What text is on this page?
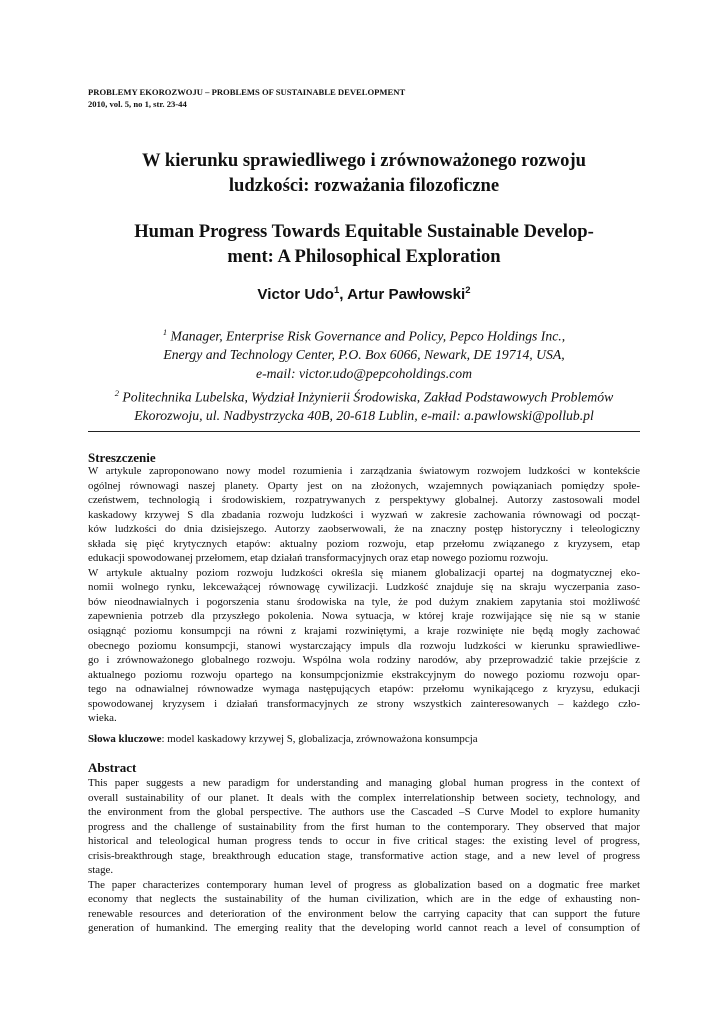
PROBLEMY EKOROZWOJU – PROBLEMS OF SUSTAINABLE DEVELOPMENT
2010, vol. 5, no 1, str. 23-44
W kierunku sprawiedliwego i zrównoważonego rozwoju
ludzkości: rozważania filozoficzne
Human Progress Towards Equitable Sustainable Develop-
ment: A Philosophical Exploration
Victor Udo$^1$, Artur Pawłowski$^2$
$^1$ Manager, Enterprise Risk Governance and Policy, Pepco Holdings Inc.,
Energy and Technology Center, P.O. Box 6066, Newark, DE 19714, USA,
e-mail: victor.udo@pepcoholdings.com
$^2$ Politechnika Lubelska, Wydział Inżynierii Środowiska, Zakład Podstawowych Problemów
Ekorozwoju, ul. Nadbystrzycka 40B, 20-618 Lublin, e-mail: a.pawlowski@pollub.pl
Streszczenie
W artykule zaproponowano nowy model rozumienia i zarządzania światowym rozwojem ludzkości w kontekście
ogólnej równowagi naszej planety. Oparty jest on na złożonych, wzajemnych powiązaniach pomiędzy społe-
czeństwem, technologią i środowiskiem, rozpatrywanych z perspektywy globalnej. Autorzy zastosowali model
kaskadowy krzywej S dla zbadania rozwoju ludzkości i wyzwań w zakresie zachowania równowagi od począt-
ków ludzkości do dnia dzisiejszego. Autorzy zaobserwowali, że na znaczny postęp historyczny i teleologiczny
składa się pięć krytycznych etapów: aktualny poziom rozwoju, etap przełomu związanego z kryzysem, etap
edukacji spowodowanej przełomem, etap działań transformacyjnych oraz etap nowego poziomu rozwoju.
W artykule aktualny poziom rozwoju ludzkości określa się mianem globalizacji opartej na dogmatycznej eko-
nomii wolnego rynku, lekceważącej równowagę cywilizacji. Ludzkość znajduje się na skraju wyczerpania zaso-
bów nieodnawialnych i pogorszenia stanu środowiska na tyle, że pod dużym znakiem zapytania stoi możliwość
zapewnienia potrzeb dla przyszłego pokolenia. Nowa sytuacja, w której kraje rozwijające się nie są w stanie
osiągnąć poziomu konsumpcji na równi z krajami rozwiniętymi, a kraje rozwinięte nie będą mogły zachować
obecnego poziomu konsumpcji, stanowi wystarczający impuls dla rozwoju ludzkości w kierunku sprawiedliwe-
go i zrównoważonego globalnego rozwoju. Wspólna wola rodziny narodów, aby przeprowadzić takie przejście z
aktualnego poziomu rozwoju opartego na konsumpcjonizmie ekstrakcyjnym do nowego poziomu rozwoju opar-
tego na odnawialnej równowadze wymaga następujących etapów: przełomu wynikającego z kryzysu, edukacji
spowodowanej kryzysem i działań transformacyjnych ze strony wszystkich zainteresowanych – każdego czło-
wieka.
Słowa kluczowe: model kaskadowy krzywej S, globalizacja, zrównoważona konsumpcja
Abstract
This paper suggests a new paradigm for understanding and managing global human progress in the context of
overall sustainability of our planet. It deals with the complex interrelationship between society, technology, and
the environment from the global perspective. The authors use the Cascaded –S Curve Model to explore humanity
progress and the challenge of sustainability from the first human to the contemporary. They observed that major
historical and teleological human progress tends to occur in five critical stages: the existing level of progress,
crisis-breakthrough stage, breakthrough education stage, transformative action stage, and a new level of progress
stage.
The paper characterizes contemporary human level of progress as globalization based on a dogmatic free market
economy that neglects the sustainability of the human civilization, which are in the edge of exhausting non-
renewable resources and deterioration of the environment below the carrying capacity that can support the future
generation of humankind. The emerging reality that the developing world cannot reach a level of consumption of
